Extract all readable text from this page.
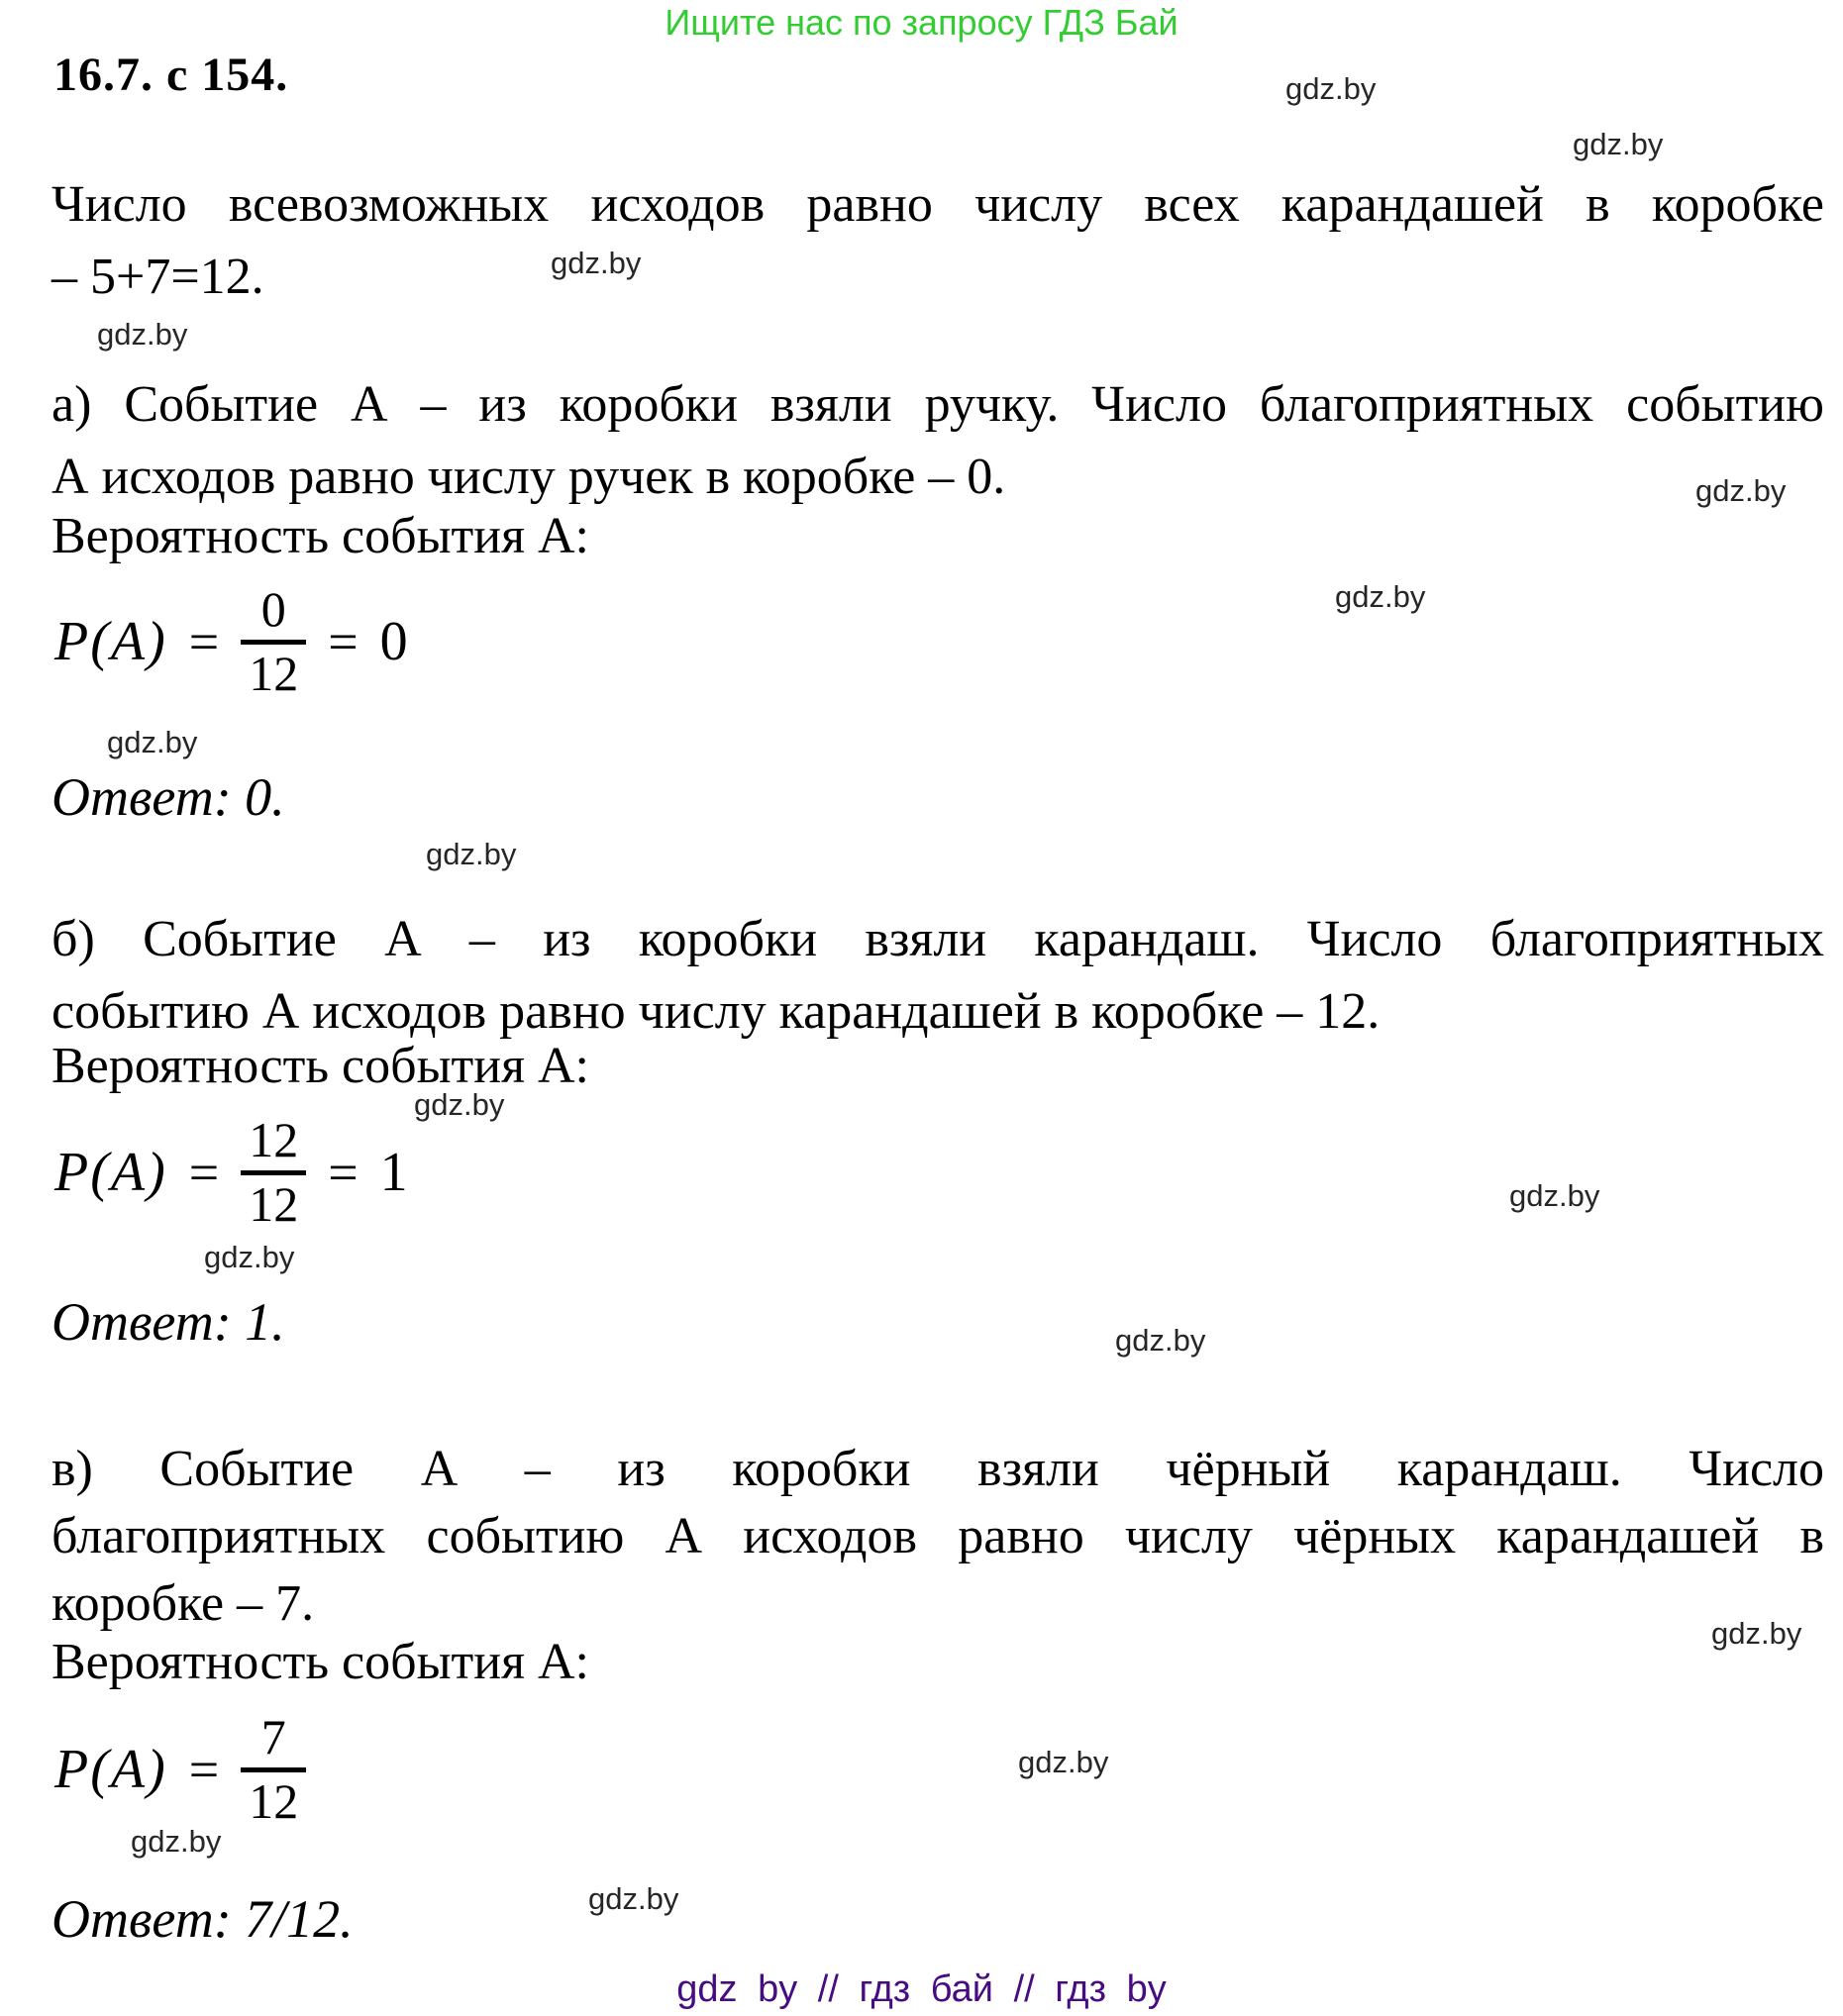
Ищите нас по запросу ГДЗ Бай
16.7. с 154.	gdz.by
gdz.by
gdz.by
gdz.by
gdz.by
gdz.by
gdz.by
gdz.by
gdz.by
gdz.by
gdz.by
gdz.by
gdz.by
gdz.by
gdz.by
gdz.by
Число всевозможных исходов равно числу всех карандашей в коробке
– 5+7=12.
а) Событие А – из коробки взяли ручку. Число благоприятных событию
А исходов равно числу ручек в коробке – 0.
Вероятность события А:
$P(A) = \frac{0}{12} = 0$
Ответ: 0.
б) Событие А – из коробки взяли карандаш. Число благоприятных
событию А исходов равно числу карандашей в коробке – 12.
Вероятность события А:
$P(A) = \frac{12}{12} = 1$
Ответ: 1.
в) Событие А – из коробки взяли чёрный карандаш. Число
благоприятных событию А исходов равно числу чёрных карандашей в
коробке – 7.
Вероятность события А:
$P(A) = \frac{7}{12}$
Ответ: 7/12.
gdz by // гдз бай // гдз by
